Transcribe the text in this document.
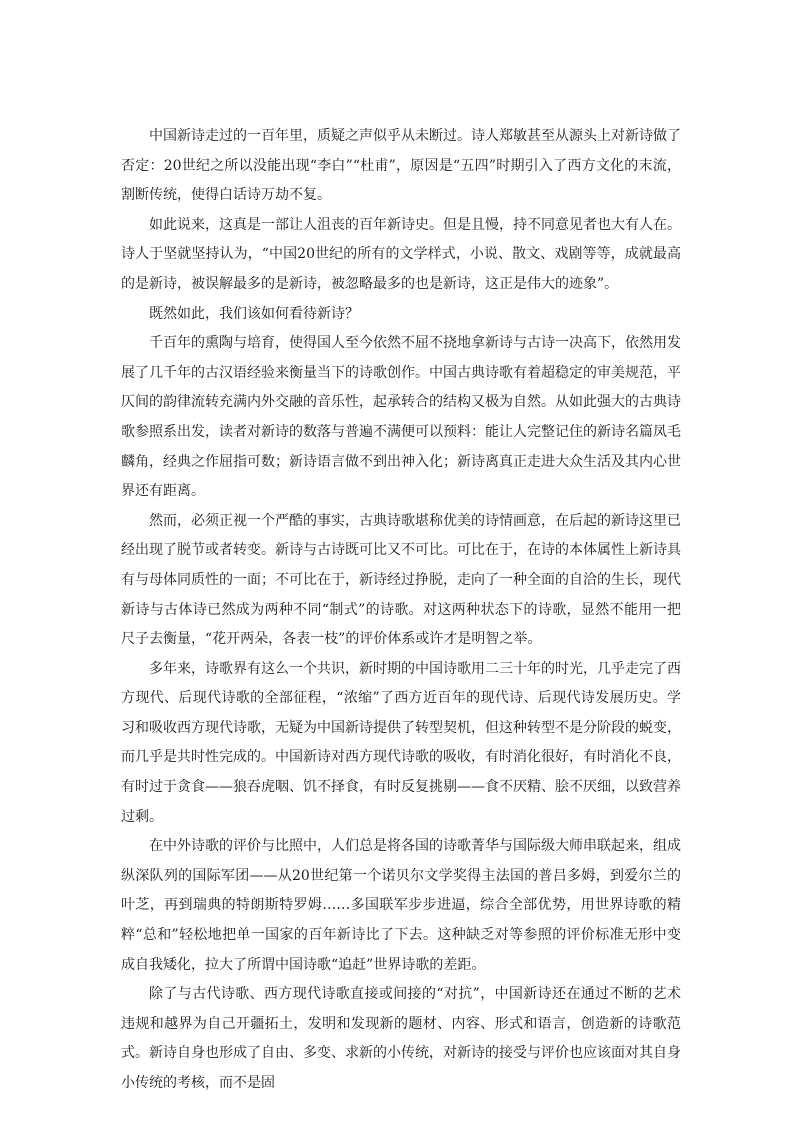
中国新诗走过的一百年里，质疑之声似乎从未断过。诗人郑敏甚至从源头上对新诗做了否定：20世纪之所以没能出现“李白”“杜甫”，原因是“五四”时期引入了西方文化的末流，割断传统，使得白话诗万劫不复。

如此说来，这真是一部让人沮丧的百年新诗史。但是且慢，持不同意见者也大有人在。诗人于坚就坚持认为，“中国20世纪的所有的文学样式，小说、散文、戏剧等等，成就最高的是新诗，被误解最多的是新诗，被忽略最多的也是新诗，这正是伟大的迹象”。

既然如此，我们该如何看待新诗？

千百年的熏陶与培育，使得国人至今依然不屈不挠地拿新诗与古诗一决高下，依然用发展了几千年的古汉语经验来衡量当下的诗歌创作。中国古典诗歌有着超稳定的审美规范，平仄间的韵律流转充满内外交融的音乐性，起承转合的结构又极为自然。从如此强大的古典诗歌参照系出发，读者对新诗的数落与普遍不满便可以预料：能让人完整记住的新诗名篇凤毛麟角，经典之作屈指可数；新诗语言做不到出神入化；新诗离真正走进大众生活及其内心世界还有距离。

然而，必须正视一个严酷的事实，古典诗歌堪称优美的诗情画意，在后起的新诗这里已经出现了脱节或者转变。新诗与古诗既可比又不可比。可比在于，在诗的本体属性上新诗具有与母体同质性的一面；不可比在于，新诗经过挣脱，走向了一种全面的自洽的生长，现代新诗与古体诗已然成为两种不同“制式”的诗歌。对这两种状态下的诗歌，显然不能用一把尺子去衡量，“花开两朵，各表一枝”的评价体系或许才是明智之举。

多年来，诗歌界有这么一个共识，新时期的中国诗歌用二三十年的时光，几乎走完了西方现代、后现代诗歌的全部征程，“浓缩”了西方近百年的现代诗、后现代诗发展历史。学习和吸收西方现代诗歌，无疑为中国新诗提供了转型契机，但这种转型不是分阶段的蜕变，而几乎是共时性完成的。中国新诗对西方现代诗歌的吸收，有时消化很好，有时消化不良，有时过于贪食——狼吞虎咽、饥不择食，有时反复挑剔——食不厌精、脍不厌细，以致营养过剩。

在中外诗歌的评价与比照中，人们总是将各国的诗歌菁华与国际级大师串联起来，组成纵深队列的国际军团——从20世纪第一个诺贝尔文学奖得主法国的普吕多姆，到爱尔兰的叶芝，再到瑞典的特朗斯特罗姆……多国联军步步进逼，综合全部优势，用世界诗歌的精粹“总和”轻松地把单一国家的百年新诗比了下去。这种缺乏对等参照的评价标准无形中变成自我矮化，拉大了所谓中国诗歌“追赶”世界诗歌的差距。

除了与古代诗歌、西方现代诗歌直接或间接的“对抗”，中国新诗还在通过不断的艺术违规和越界为自己开疆拓土，发明和发现新的题材、内容、形式和语言，创造新的诗歌范式。新诗自身也形成了自由、多变、求新的小传统，对新诗的接受与评价也应该面对其自身小传统的考核，而不是固
